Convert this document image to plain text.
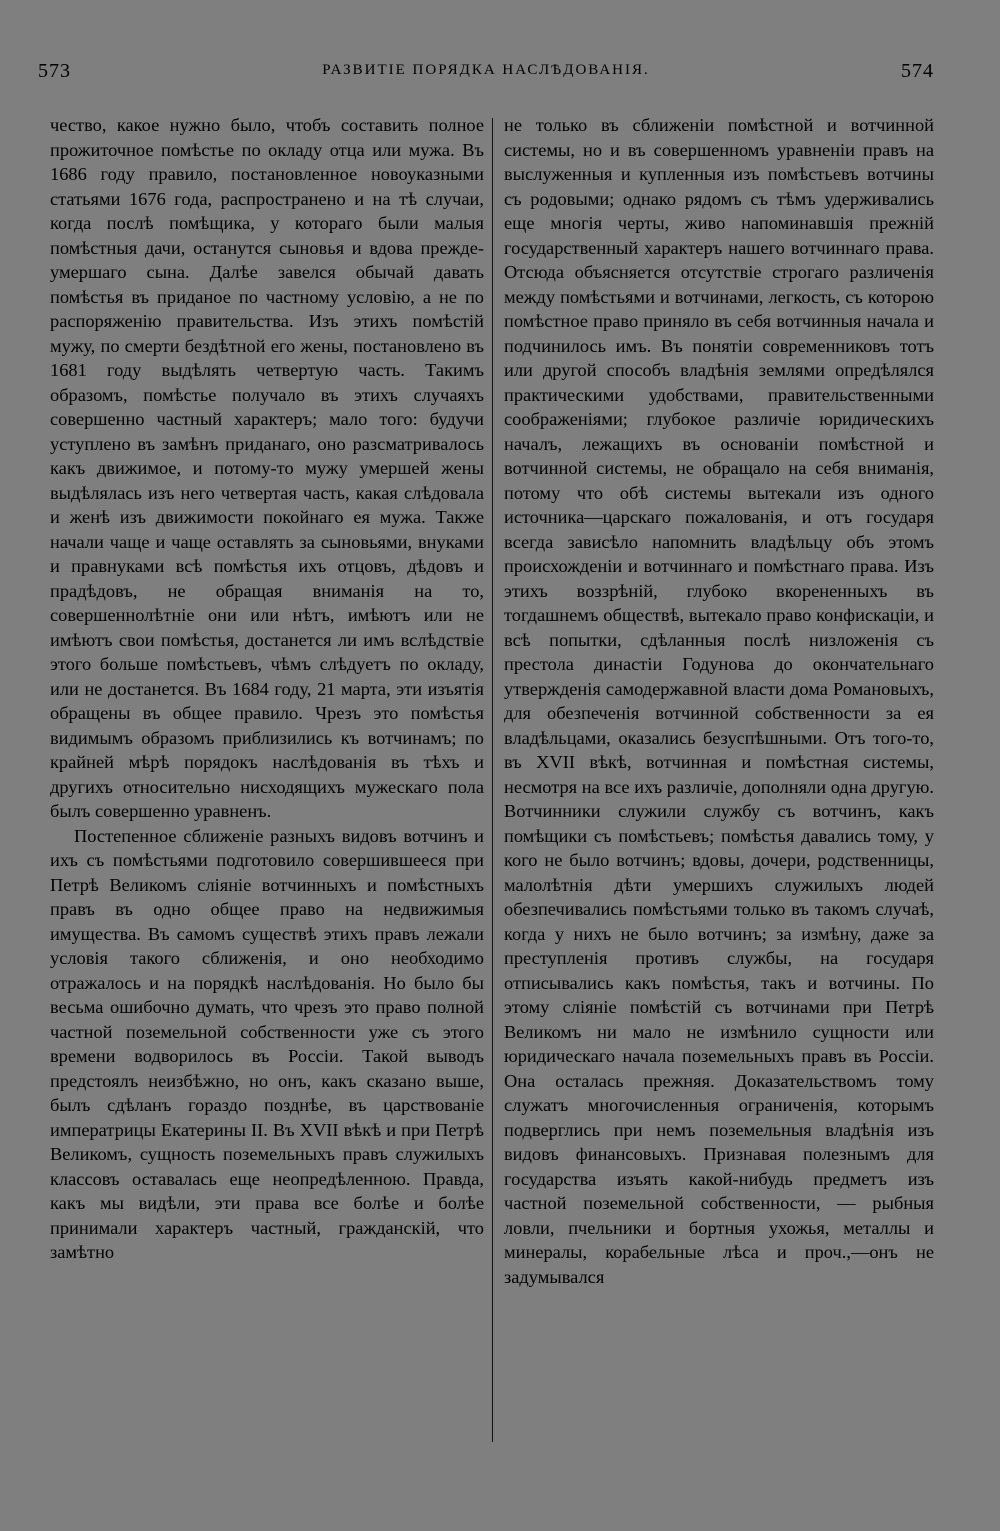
573	РАЗВИТІЕ ПОРЯДКА НАСЛѢДОВАНІЯ.	574

чество, какое нужно было, чтобъ составить полное прожиточное помѣстье по окладу отца или мужа. Въ 1686 году правило, постановленное новоуказными статьями 1676 года, распространено и на тѣ случаи, когда послѣ помѣщика, у котораго были малыя помѣстныя дачи, останутся сыновья и вдова прежде-умершаго сына. Далѣе завелся обычай давать помѣстья въ приданое по частному условію, а не по распоряженію правительства. Изъ этихъ помѣстій мужу, по смерти бездѣтной его жены, постановлено въ 1681 году выдѣлять четвертую часть. Такимъ образомъ, помѣстье получало въ этихъ случаяхъ совершенно частный характеръ; мало того: будучи уступлено въ замѣнъ приданаго, оно разсматривалось какъ движимое, и потому-то мужу умершей жены выдѣлялась изъ него четвертая часть, какая слѣдовала и женѣ изъ движимости покойнаго ея мужа. Также начали чаще и чаще оставлять за сыновьями, внуками и правнуками всѣ помѣстья ихъ отцовъ, дѣдовъ и прадѣдовъ, не обращая вниманія на то, совершеннолѣтніе они или нѣтъ, имѣютъ или не имѣютъ свои помѣстья, достанется ли имъ вслѣдствіе этого больше помѣстьевъ, чѣмъ слѣдуетъ по окладу, или не достанется. Въ 1684 году, 21 марта, эти изъятія обращены въ общее правило. Чрезъ это помѣстья видимымъ образомъ приблизились къ вотчинамъ; по крайней мѣрѣ порядокъ наслѣдованія въ тѣхъ и другихъ относительно нисходящихъ мужескаго пола былъ совершенно уравненъ.

Постепенное сближеніе разныхъ видовъ вотчинъ и ихъ съ помѣстьями подготовило совершившееся при Петрѣ Великомъ сліяніе вотчинныхъ и помѣстныхъ правъ въ одно общее право на недвижимыя имущества. Въ самомъ существѣ этихъ правъ лежали условія такого сближенія, и оно необходимо отражалось и на порядкѣ наслѣдованія. Но было бы весьма ошибочно думать, что чрезъ это право полной частной поземельной собственности уже съ этого времени водворилось въ Россіи. Такой выводъ предстоялъ неизбѣжно, но онъ, какъ сказано выше, былъ сдѣланъ гораздо позднѣе, въ царствованіе императрицы Екатерины II. Въ XVII вѣкѣ и при Петрѣ Великомъ, сущность поземельныхъ правъ служилыхъ классовъ оставалась еще неопредѣленною. Правда, какъ мы видѣли, эти права все болѣе и болѣе принимали характеръ частный, гражданскій, что замѣтно

не только въ сближеніи помѣстной и вотчинной системы, но и въ совершенномъ уравненіи правъ на выслуженныя и купленныя изъ помѣстьевъ вотчины съ родовыми; однако рядомъ съ тѣмъ удерживались еще многія черты, живо напоминавшія прежній государственный характеръ нашего вотчиннаго права. Отсюда объясняется отсутствіе строгаго различенія между помѣстьями и вотчинами, легкость, съ которою помѣстное право приняло въ себя вотчинныя начала и подчинилось имъ. Въ понятіи современниковъ тотъ или другой способъ владѣнія землями опредѣлялся практическими удобствами, правительственными соображеніями; глубокое различіе юридическихъ началъ, лежащихъ въ основаніи помѣстной и вотчинной системы, не обращало на себя вниманія, потому что обѣ системы вытекали изъ одного источника—царскаго пожалованія, и отъ государя всегда зависѣло напомнить владѣльцу объ этомъ происхожденіи и вотчиннаго и помѣстнаго права. Изъ этихъ воззрѣній, глубоко вкорененныхъ въ тогдашнемъ обществѣ, вытекало право конфискаціи, и всѣ попытки, сдѣланныя послѣ низложенія съ престола династіи Годунова до окончательнаго утвержденія самодержавной власти дома Романовыхъ, для обезпеченія вотчинной собственности за ея владѣльцами, оказались безуспѣшными. Отъ того-то, въ XVII вѣкѣ, вотчинная и помѣстная системы, несмотря на все ихъ различіе, дополняли одна другую. Вотчинники служили службу съ вотчинъ, какъ помѣщики съ помѣстьевъ; помѣстья давались тому, у кого не было вотчинъ; вдовы, дочери, родственницы, малолѣтнія дѣти умершихъ служилыхъ людей обезпечивались помѣстьями только въ такомъ случаѣ, когда у нихъ не было вотчинъ; за измѣну, даже за преступленія противъ службы, на государя отписывались какъ помѣстья, такъ и вотчины. По этому сліяніе помѣстій съ вотчинами при Петрѣ Великомъ ни мало не измѣнило сущности или юридическаго начала поземельныхъ правъ въ Россіи. Она осталась прежняя. Доказательствомъ тому служатъ многочисленныя ограниченія, которымъ подверглись при немъ поземельныя владѣнія изъ видовъ финансовыхъ. Признавая полезнымъ для государства изъять какой-нибудь предметъ изъ частной поземельной собственности, — рыбныя ловли, пчельники и бортныя ухожья, металлы и минералы, корабельные лѣса и проч.,—онъ не задумывался
